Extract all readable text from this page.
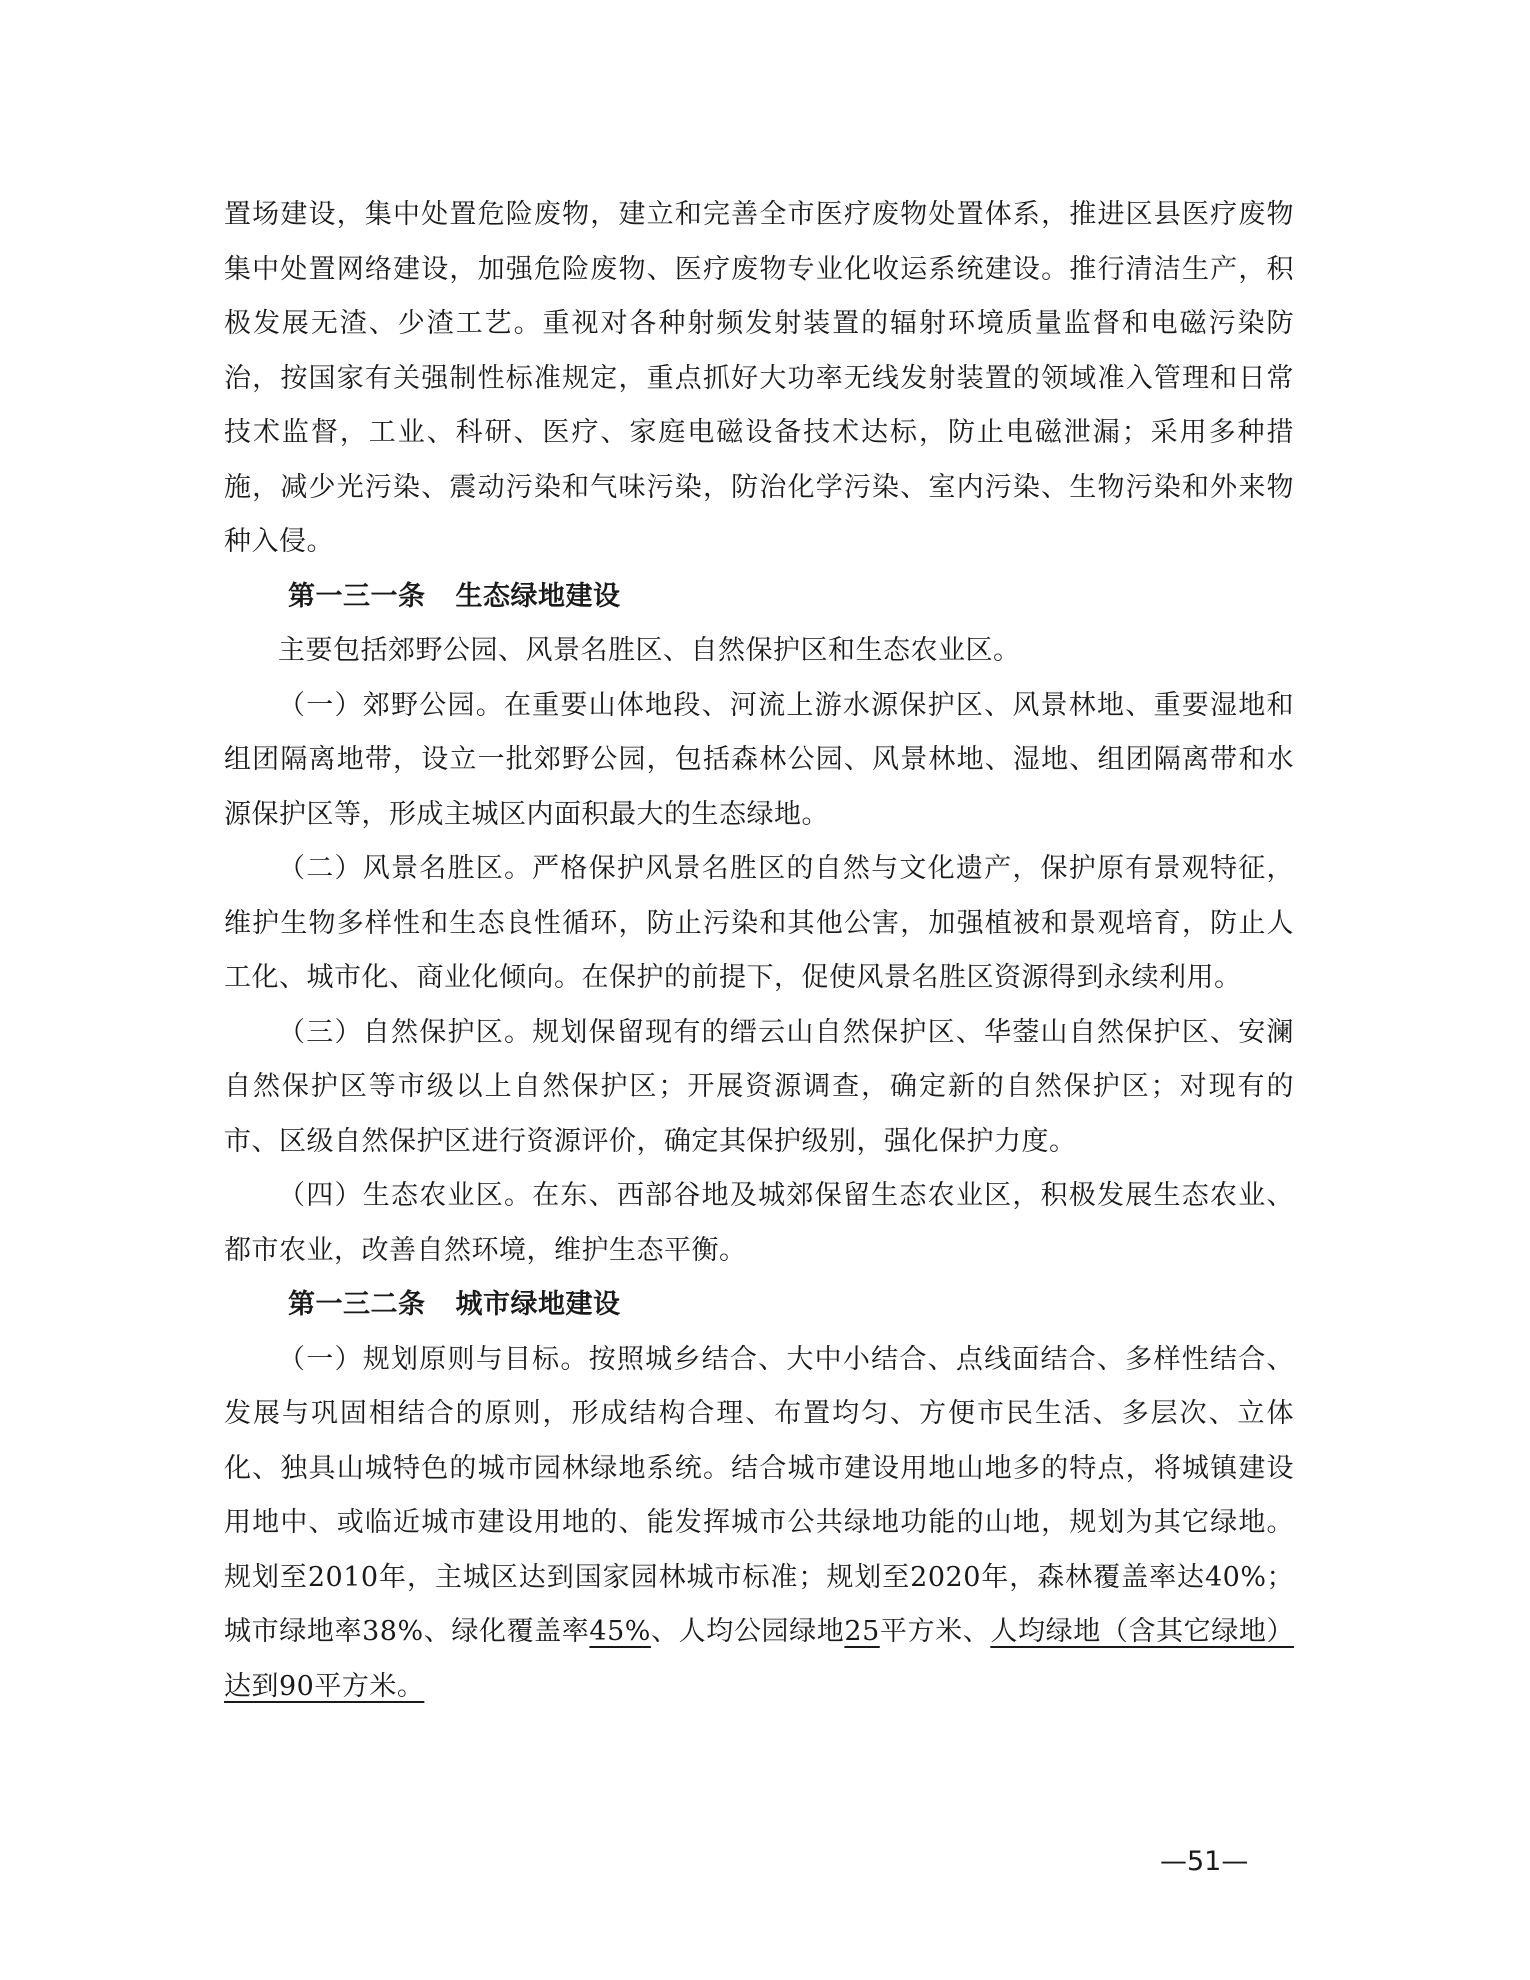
置场建设，集中处置危险废物，建立和完善全市医疗废物处置体系，推进区县医疗废物集中处置网络建设，加强危险废物、医疗废物专业化收运系统建设。推行清洁生产，积极发展无渣、少渣工艺。重视对各种射频发射装置的辐射环境质量监督和电磁污染防治，按国家有关强制性标准规定，重点抓好大功率无线发射装置的领域准入管理和日常技术监督，工业、科研、医疗、家庭电磁设备技术达标，防止电磁泄漏；采用多种措施，减少光污染、震动污染和气味污染，防治化学污染、室内污染、生物污染和外来物种入侵。

第一三一条 生态绿地建设

主要包括郊野公园、风景名胜区、自然保护区和生态农业区。

（一）郊野公园。在重要山体地段、河流上游水源保护区、风景林地、重要湿地和组团隔离地带，设立一批郊野公园，包括森林公园、风景林地、湿地、组团隔离带和水源保护区等，形成主城区内面积最大的生态绿地。

（二）风景名胜区。严格保护风景名胜区的自然与文化遗产，保护原有景观特征，维护生物多样性和生态良性循环，防止污染和其他公害，加强植被和景观培育，防止人工化、城市化、商业化倾向。在保护的前提下，促使风景名胜区资源得到永续利用。

（三）自然保护区。规划保留现有的缙云山自然保护区、华蓥山自然保护区、安澜自然保护区等市级以上自然保护区；开展资源调查，确定新的自然保护区；对现有的市、区级自然保护区进行资源评价，确定其保护级别，强化保护力度。

（四）生态农业区。在东、西部谷地及城郊保留生态农业区，积极发展生态农业、都市农业，改善自然环境，维护生态平衡。

第一三二条 城市绿地建设

（一）规划原则与目标。按照城乡结合、大中小结合、点线面结合、多样性结合、发展与巩固相结合的原则，形成结构合理、布置均匀、方便市民生活、多层次、立体化、独具山城特色的城市园林绿地系统。结合城市建设用地山地多的特点，将城镇建设用地中、或临近城市建设用地的、能发挥城市公共绿地功能的山地，规划为其它绿地。规划至2010年，主城区达到国家园林城市标准；规划至2020年，森林覆盖率达40%；城市绿地率38%、绿化覆盖率45%、人均公园绿地25平方米、人均绿地（含其它绿地）达到90平方米。

—51—
